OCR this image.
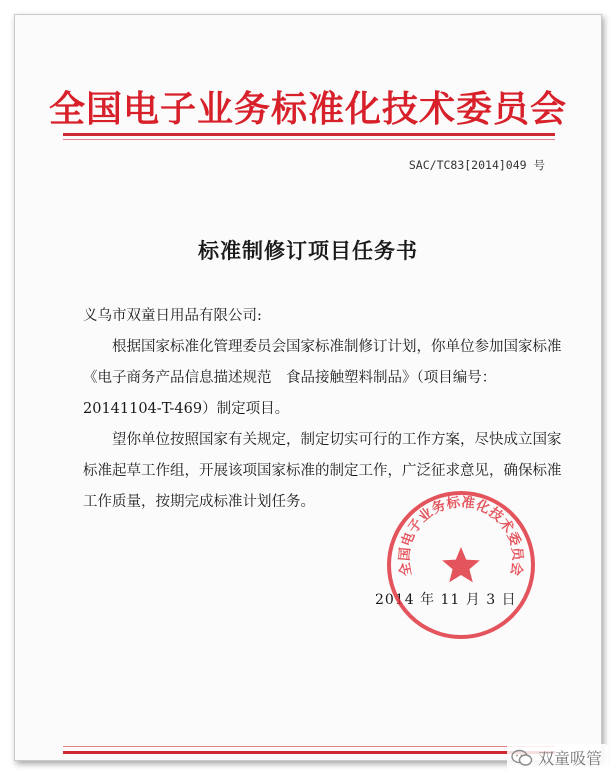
全国电子业务标准化技术委员会
SAC/TC83[2014]049 号
标准制修订项目任务书

义乌市双童日用品有限公司:

根据国家标准化管理委员会国家标准制修订计划，你单位参加国家标准《电子商务产品信息描述规范　食品接触塑料制品》（项目编号：20141104-T-469）制定项目。

望你单位按照国家有关规定，制定切实可行的工作方案，尽快成立国家标准起草工作组，开展该项国家标准的制定工作，广泛征求意见，确保标准工作质量，按期完成标准计划任务。

2014 年 11 月 3 日
全国电子业务标准化技术委员会
双童吸管
